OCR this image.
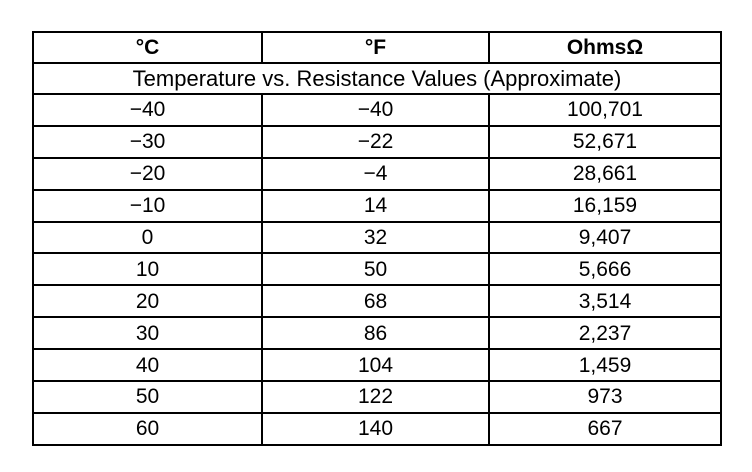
°C	°F	OhmsΩ
Temperature vs. Resistance Values (Approximate)		
−40	−40	100,701
−30	−22	52,671
−20	−4	28,661
−10	14	16,159
0	32	9,407
10	50	5,666
20	68	3,514
30	86	2,237
40	104	1,459
50	122	973
60	140	667
